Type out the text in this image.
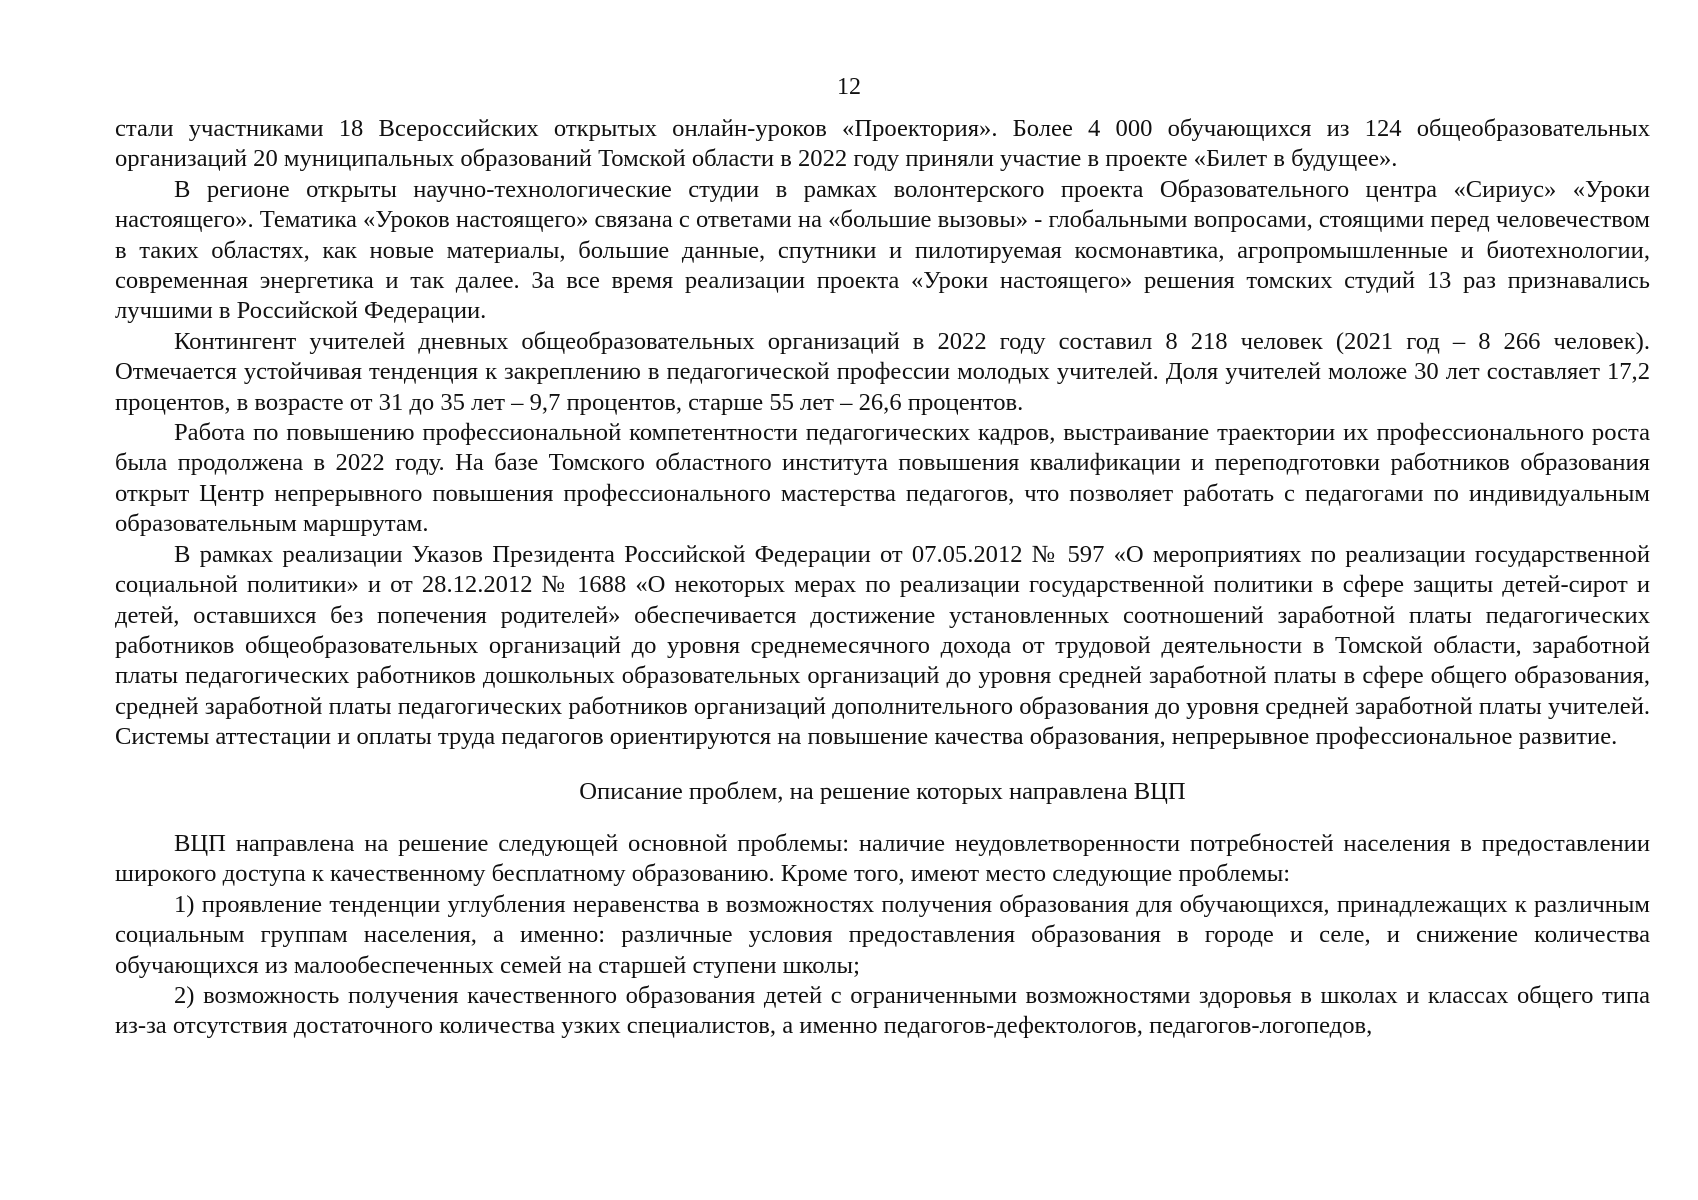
12

стали участниками 18 Всероссийских открытых онлайн-уроков «Проектория». Более 4 000 обучающихся из 124 общеобразовательных организаций 20 муниципальных образований Томской области в 2022 году приняли участие в проекте «Билет в будущее».

В регионе открыты научно-технологические студии в рамках волонтерского проекта Образовательного центра «Сириус» «Уроки настоящего». Тематика «Уроков настоящего» связана с ответами на «большие вызовы» - глобальными вопросами, стоящими перед человечеством в таких областях, как новые материалы, большие данные, спутники и пилотируемая космонавтика, агропромышленные и биотехнологии, современная энергетика и так далее. За все время реализации проекта «Уроки настоящего» решения томских студий 13 раз признавались лучшими в Российской Федерации.

Контингент учителей дневных общеобразовательных организаций в 2022 году составил 8 218 человек (2021 год – 8 266 человек). Отмечается устойчивая тенденция к закреплению в педагогической профессии молодых учителей. Доля учителей моложе 30 лет составляет 17,2 процентов, в возрасте от 31 до 35 лет – 9,7 процентов, старше 55 лет – 26,6 процентов.

Работа по повышению профессиональной компетентности педагогических кадров, выстраивание траектории их профессионального роста была продолжена в 2022 году. На базе Томского областного института повышения квалификации и переподготовки работников образования открыт Центр непрерывного повышения профессионального мастерства педагогов, что позволяет работать с педагогами по индивидуальным образовательным маршрутам.

В рамках реализации Указов Президента Российской Федерации от 07.05.2012 № 597 «О мероприятиях по реализации государственной социальной политики» и от 28.12.2012 № 1688 «О некоторых мерах по реализации государственной политики в сфере защиты детей-сирот и детей, оставшихся без попечения родителей» обеспечивается достижение установленных соотношений заработной платы педагогических работников общеобразовательных организаций до уровня среднемесячного дохода от трудовой деятельности в Томской области, заработной платы педагогических работников дошкольных образовательных организаций до уровня средней заработной платы в сфере общего образования, средней заработной платы педагогических работников организаций дополнительного образования до уровня средней заработной платы учителей. Системы аттестации и оплаты труда педагогов ориентируются на повышение качества образования, непрерывное профессиональное развитие.

Описание проблем, на решение которых направлена ВЦП

ВЦП направлена на решение следующей основной проблемы: наличие неудовлетворенности потребностей населения в предоставлении широкого доступа к качественному бесплатному образованию. Кроме того, имеют место следующие проблемы:

1) проявление тенденции углубления неравенства в возможностях получения образования для обучающихся, принадлежащих к различным социальным группам населения, а именно: различные условия предоставления образования в городе и селе, и снижение количества обучающихся из малообеспеченных семей на старшей ступени школы;

2) возможность получения качественного образования детей с ограниченными возможностями здоровья в школах и классах общего типа из-за отсутствия достаточного количества узких специалистов, а именно педагогов-дефектологов, педагогов-логопедов,
